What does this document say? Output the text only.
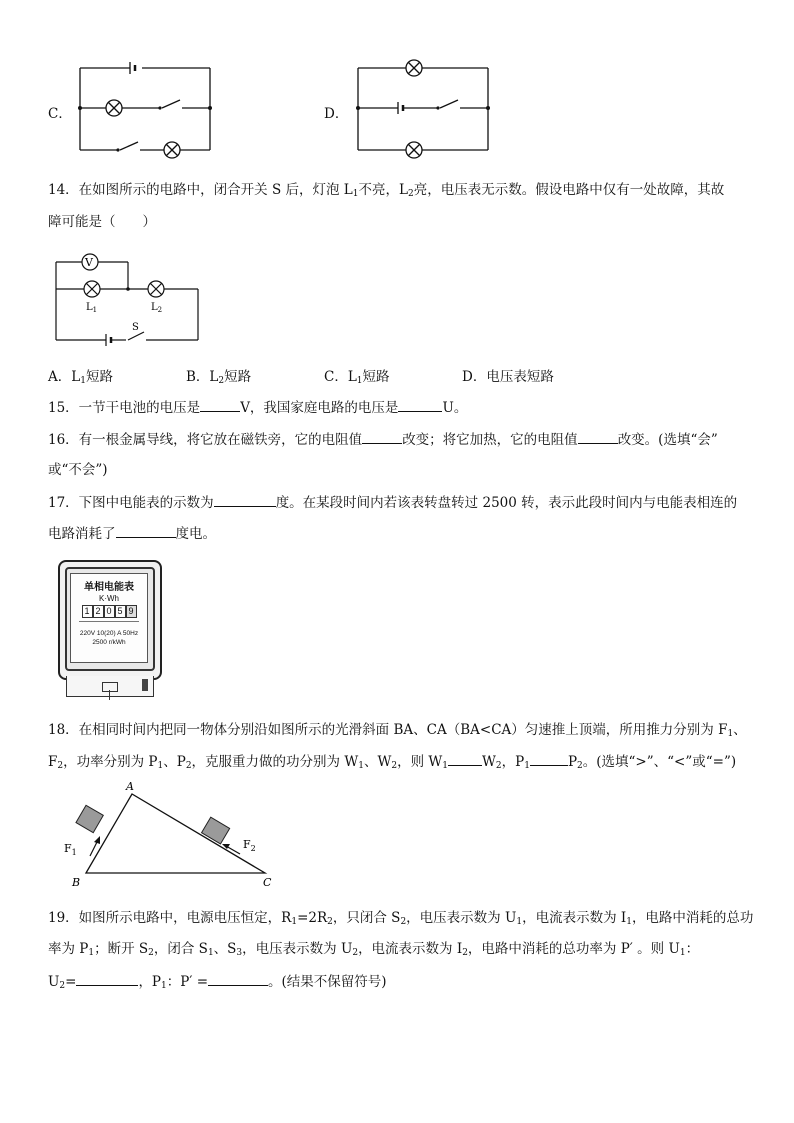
C．	D．
14．在如图所示的电路中，闭合开关 S 后，灯泡 $L_1$不亮，$L_2$亮，电压表无示数。假设电路中仅有一处故障，其故
障可能是（　　）
V
$L_1$	$L_2$
S
A．$L_1$短路	B．$L_2$短路	C．$L_1$短路	D．电压表短路
15．一节干电池的电压是	V，我国家庭电路的电压是	U。
16．有一根金属导线，将它放在磁铁旁，它的电阻值	改变；将它加热，它的电阻值	改变。(选填“会”
或“不会”)
17．下图中电能表的示数为	度。在某段时间内若该表转盘转过 2500 转，表示此段时间内与电能表相连的
电路消耗了	度电。
单相电能表
K·Wh
1 2 0 5 9
220V 10(20) A 50Hz
2500 r/kWh
18．在相同时间内把同一物体分别沿如图所示的光滑斜面 BA、CA（BA<CA）匀速推上顶端，所用推力分别为 $F_1$、
$F_2$，功率分别为 $P_1$、$P_2$，克服重力做的功分别为 $W_1$、$W_2$，则 $W_1$	$W_2$，$P_1$	$P_2$。(选填“>”、“<”或“=”)
A
B	C
$F_1$
$F_2$
19．如图所示电路中，电源电压恒定，$R_1=2R_2$，只闭合 $S_2$，电压表示数为 $U_1$，电流表示数为 $I_1$，电路中消耗的总功
率为 $P_1$；断开 $S_2$，闭合 $S_1$、$S_3$，电压表示数为 $U_2$，电流表示数为 $I_2$，电路中消耗的总功率为 P′ 。则 $U_1$：
$U_2=$	，$P_1$：P′ =	。(结果不保留符号)
